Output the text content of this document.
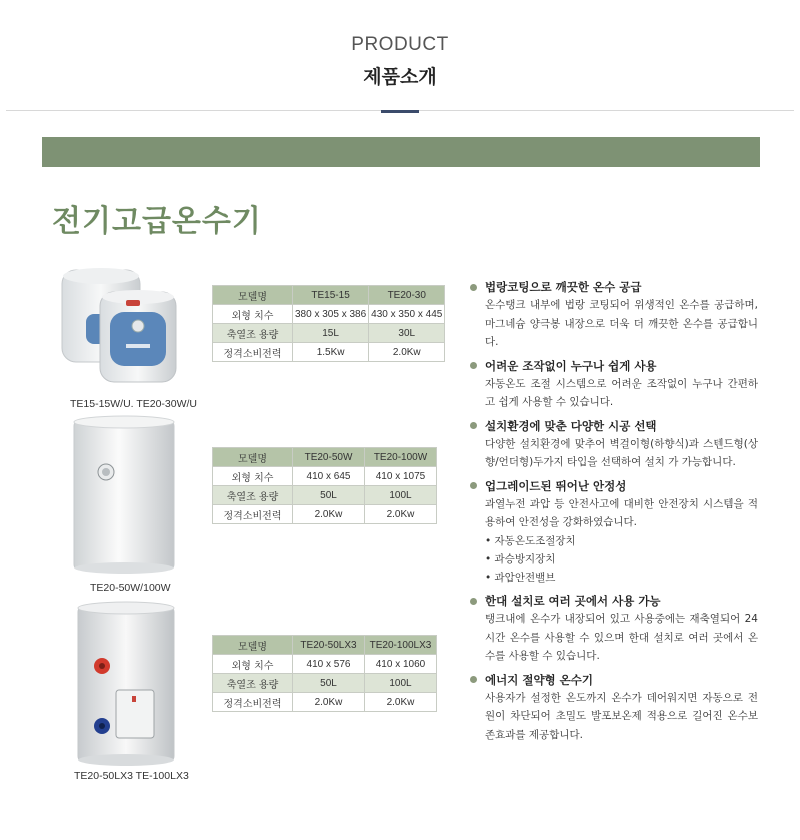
PRODUCT
제품소개
전기고급온수기
TE15-15W/U. TE20-30W/U
TE20-50W/100W
TE20-50LX3 TE-100LX3
모델명	TE15-15	TE20-30
외형 치수	380 x 305 x 386	430 x 350 x 445
축열조 용량	15L	30L
정격소비전력	1.5Kw	2.0Kw
모델명	TE20-50W	TE20-100W
외형 치수	410 x 645	410 x 1075
축열조 용량	50L	100L
정격소비전력	2.0Kw	2.0Kw
모델명	TE20-50LX3	TE20-100LX3
외형 치수	410 x 576	410 x 1060
축열조 용량	50L	100L
정격소비전력	2.0Kw	2.0Kw
법랑코팅으로 깨끗한 온수 공급
온수탱크 내부에 법랑 코팅되어 위생적인 온수를 공급하며, 마그네슘 양극봉 내장으로 더욱 더 깨끗한 온수를 공급합니다.
어려운 조작없이 누구나 쉽게 사용
자동온도 조절 시스템으로 어려운 조작없이 누구나 간편하고 쉽게 사용할 수 있습니다.
설치환경에 맞춘 다양한 시공 선택
다양한 설치환경에 맞추어 벽걸이형(하향식)과 스텐드형(상향/언더형)두가지 타입을 선택하여 설치 가 가능합니다.
업그레이드된 뛰어난 안정성
과열누전 과압 등 안전사고에 대비한 안전장치 시스템을 적용하여 안전성을 강화하였습니다.
• 자동온도조절장치
• 과승방지장치
• 과압안전밸브
한대 설치로 여러 곳에서 사용 가능
탱크내에 온수가 내장되어 있고 사용중에는 재축열되어 24시간 온수를 사용할 수 있으며 한대 설치로 여러 곳에서 온수를 사용할 수 있습니다.
에너지 절약형 온수기
사용자가 설정한 온도까지 온수가 데어워지면 자동으로 전원이 차단되어 초밀도 발포보온제 적용으로 길어진 온수보존효과를 제공합니다.
